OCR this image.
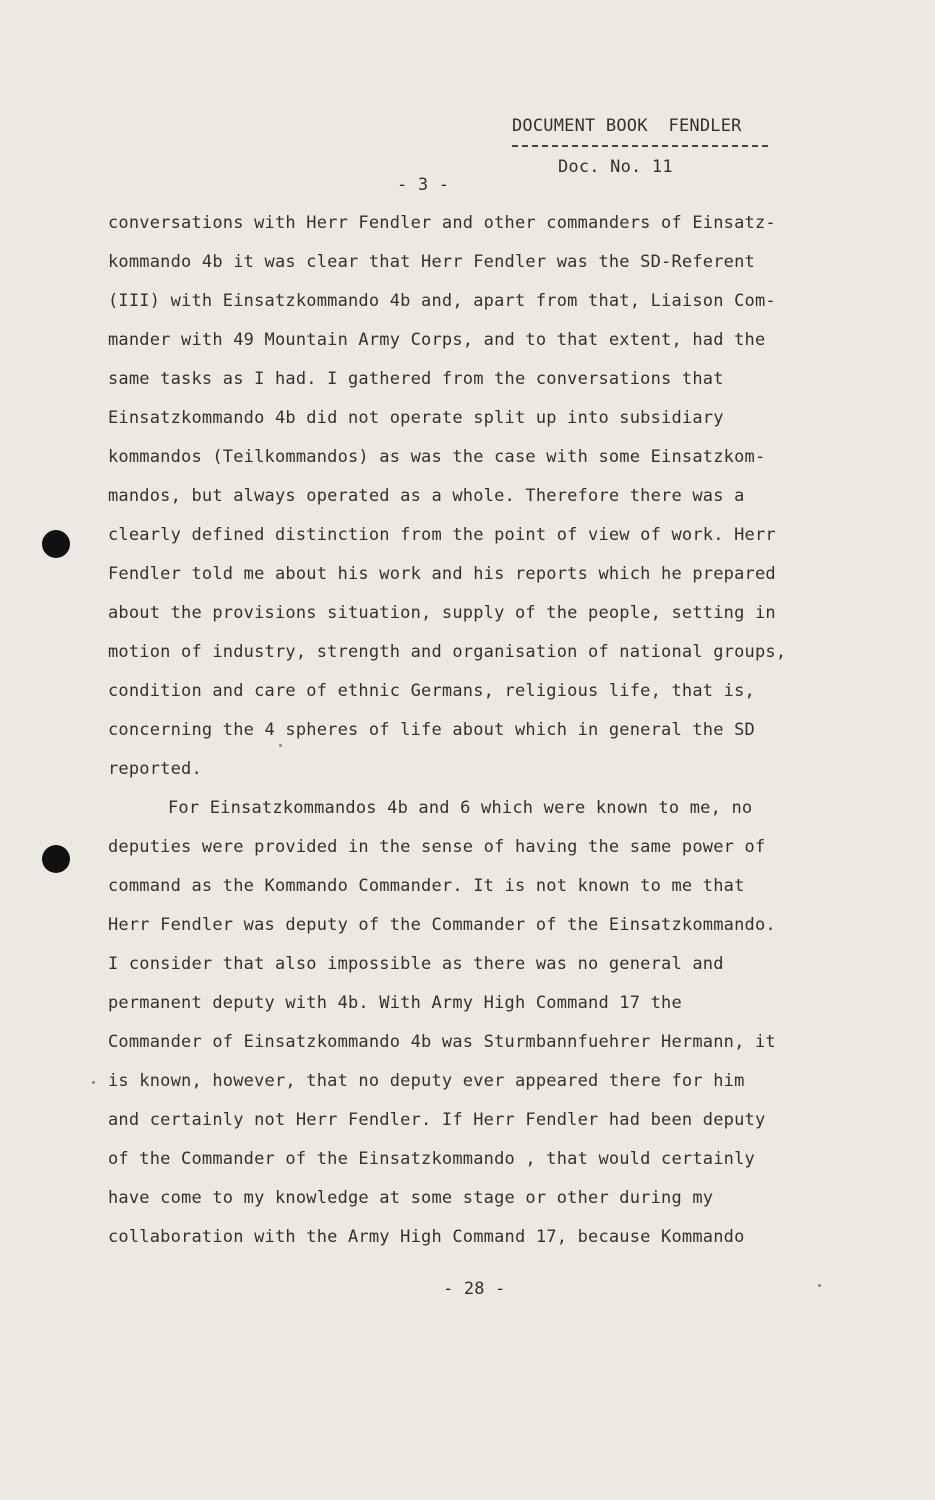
DOCUMENT BOOK  FENDLER
Doc. No. 11
- 3 -
conversations with Herr Fendler and other commanders of Einsatz-
kommando 4b it was clear that Herr Fendler was the SD-Referent
(III) with Einsatzkommando 4b and, apart from that, Liaison Com-
mander with 49 Mountain Army Corps, and to that extent, had the
same tasks as I had. I gathered from the conversations that
Einsatzkommando 4b did not operate split up into subsidiary
kommandos (Teilkommandos) as was the case with some Einsatzkom-
mandos, but always operated as a whole. Therefore there was a
clearly defined distinction from the point of view of work. Herr
Fendler told me about his work and his reports which he prepared
about the provisions situation, supply of the people, setting in
motion of industry, strength and organisation of national groups,
condition and care of ethnic Germans, religious life, that is,
concerning the 4 spheres of life about which in general the SD
reported.
For Einsatzkommandos 4b and 6 which were known to me, no
deputies were provided in the sense of having the same power of
command as the Kommando Commander. It is not known to me that
Herr Fendler was deputy of the Commander of the Einsatzkommando.
I consider that also impossible as there was no general and
permanent deputy with 4b. With Army High Command 17 the
Commander of Einsatzkommando 4b was Sturmbannfuehrer Hermann, it
is known, however, that no deputy ever appeared there for him
and certainly not Herr Fendler. If Herr Fendler had been deputy
of the Commander of the Einsatzkommando , that would certainly
have come to my knowledge at some stage or other during my
collaboration with the Army High Command 17, because Kommando
- 28 -
